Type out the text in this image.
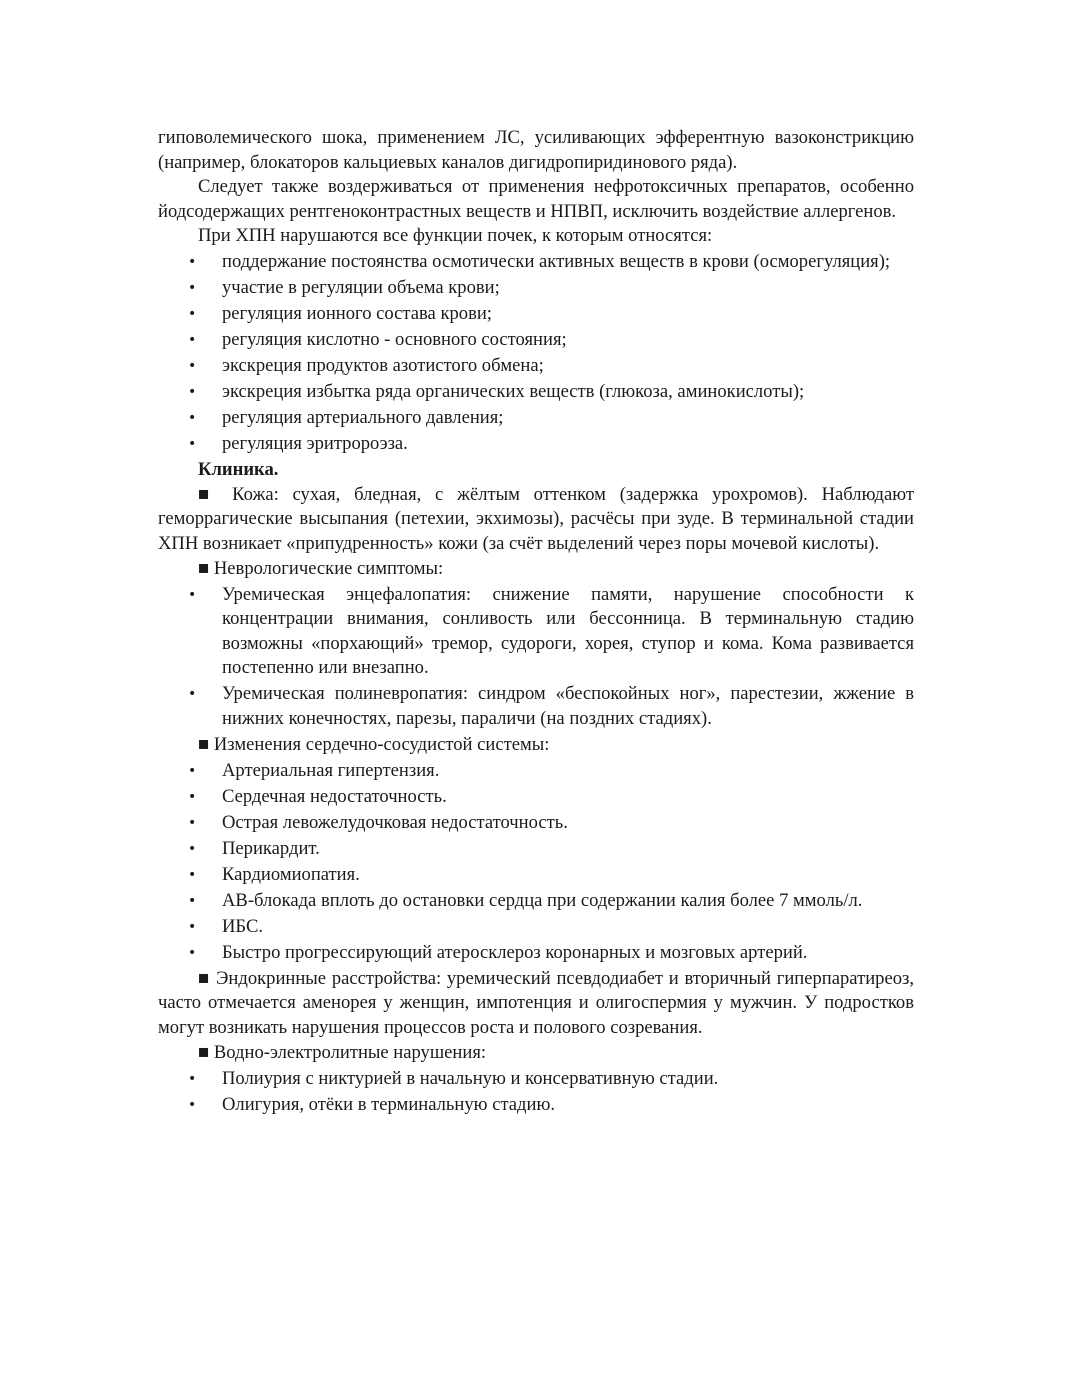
гиповолемического шока, применением ЛС, усиливающих эфферентную вазоконстрикцию (например, блокаторов кальциевых каналов дигидропиридинового ряда).

Следует также воздерживаться от применения нефротоксичных препаратов, особенно йодсодержащих рентгеноконтрастных веществ и НПВП, исключить воздействие аллергенов.

При ХПН нарушаются все функции почек, к которым относятся:

• поддержание постоянства осмотически активных веществ в крови (осморегуляция);
• участие в регуляции объема крови;
• регуляция ионного состава крови;
• регуляция кислотно - основного состояния;
• экскреция продуктов азотистого обмена;
• экскреция избытка ряда органических веществ (глюкоза, аминокислоты);
• регуляция артериального давления;
• регуляция эритророэза.

Клиника.

■ Кожа: сухая, бледная, с жёлтым оттенком (задержка урохромов). Наблюдают геморрагические высыпания (петехии, экхимозы), расчёсы при зуде. В терминальной стадии ХПН возникает «припудренность» кожи (за счёт выделений через поры мочевой кислоты).

■ Неврологические симптомы:

• Уремическая энцефалопатия: снижение памяти, нарушение способности к концентрации внимания, сонливость или бессонница. В терминальную стадию возможны «порхающий» тремор, судороги, хорея, ступор и кома. Кома развивается постепенно или внезапно.
• Уремическая полиневропатия: синдром «беспокойных ног», парестезии, жжение в нижних конечностях, парезы, параличи (на поздних стадиях).

■ Изменения сердечно-сосудистой системы:

• Артериальная гипертензия.
• Сердечная недостаточность.
• Острая левожелудочковая недостаточность.
• Перикардит.
• Кардиомиопатия.
• АВ-блокада вплоть до остановки сердца при содержании калия более 7 ммоль/л.
• ИБС.
• Быстро прогрессирующий атеросклероз коронарных и мозговых артерий.

■ Эндокринные расстройства: уремический псевдодиабет и вторичный гиперпаратиреоз, часто отмечается аменорея у женщин, импотенция и олигоспермия у мужчин. У подростков могут возникать нарушения процессов роста и полового созревания.

■ Водно-электролитные нарушения:

• Полиурия с никтурией в начальную и консервативную стадии.
• Олигурия, отёки в терминальную стадию.
